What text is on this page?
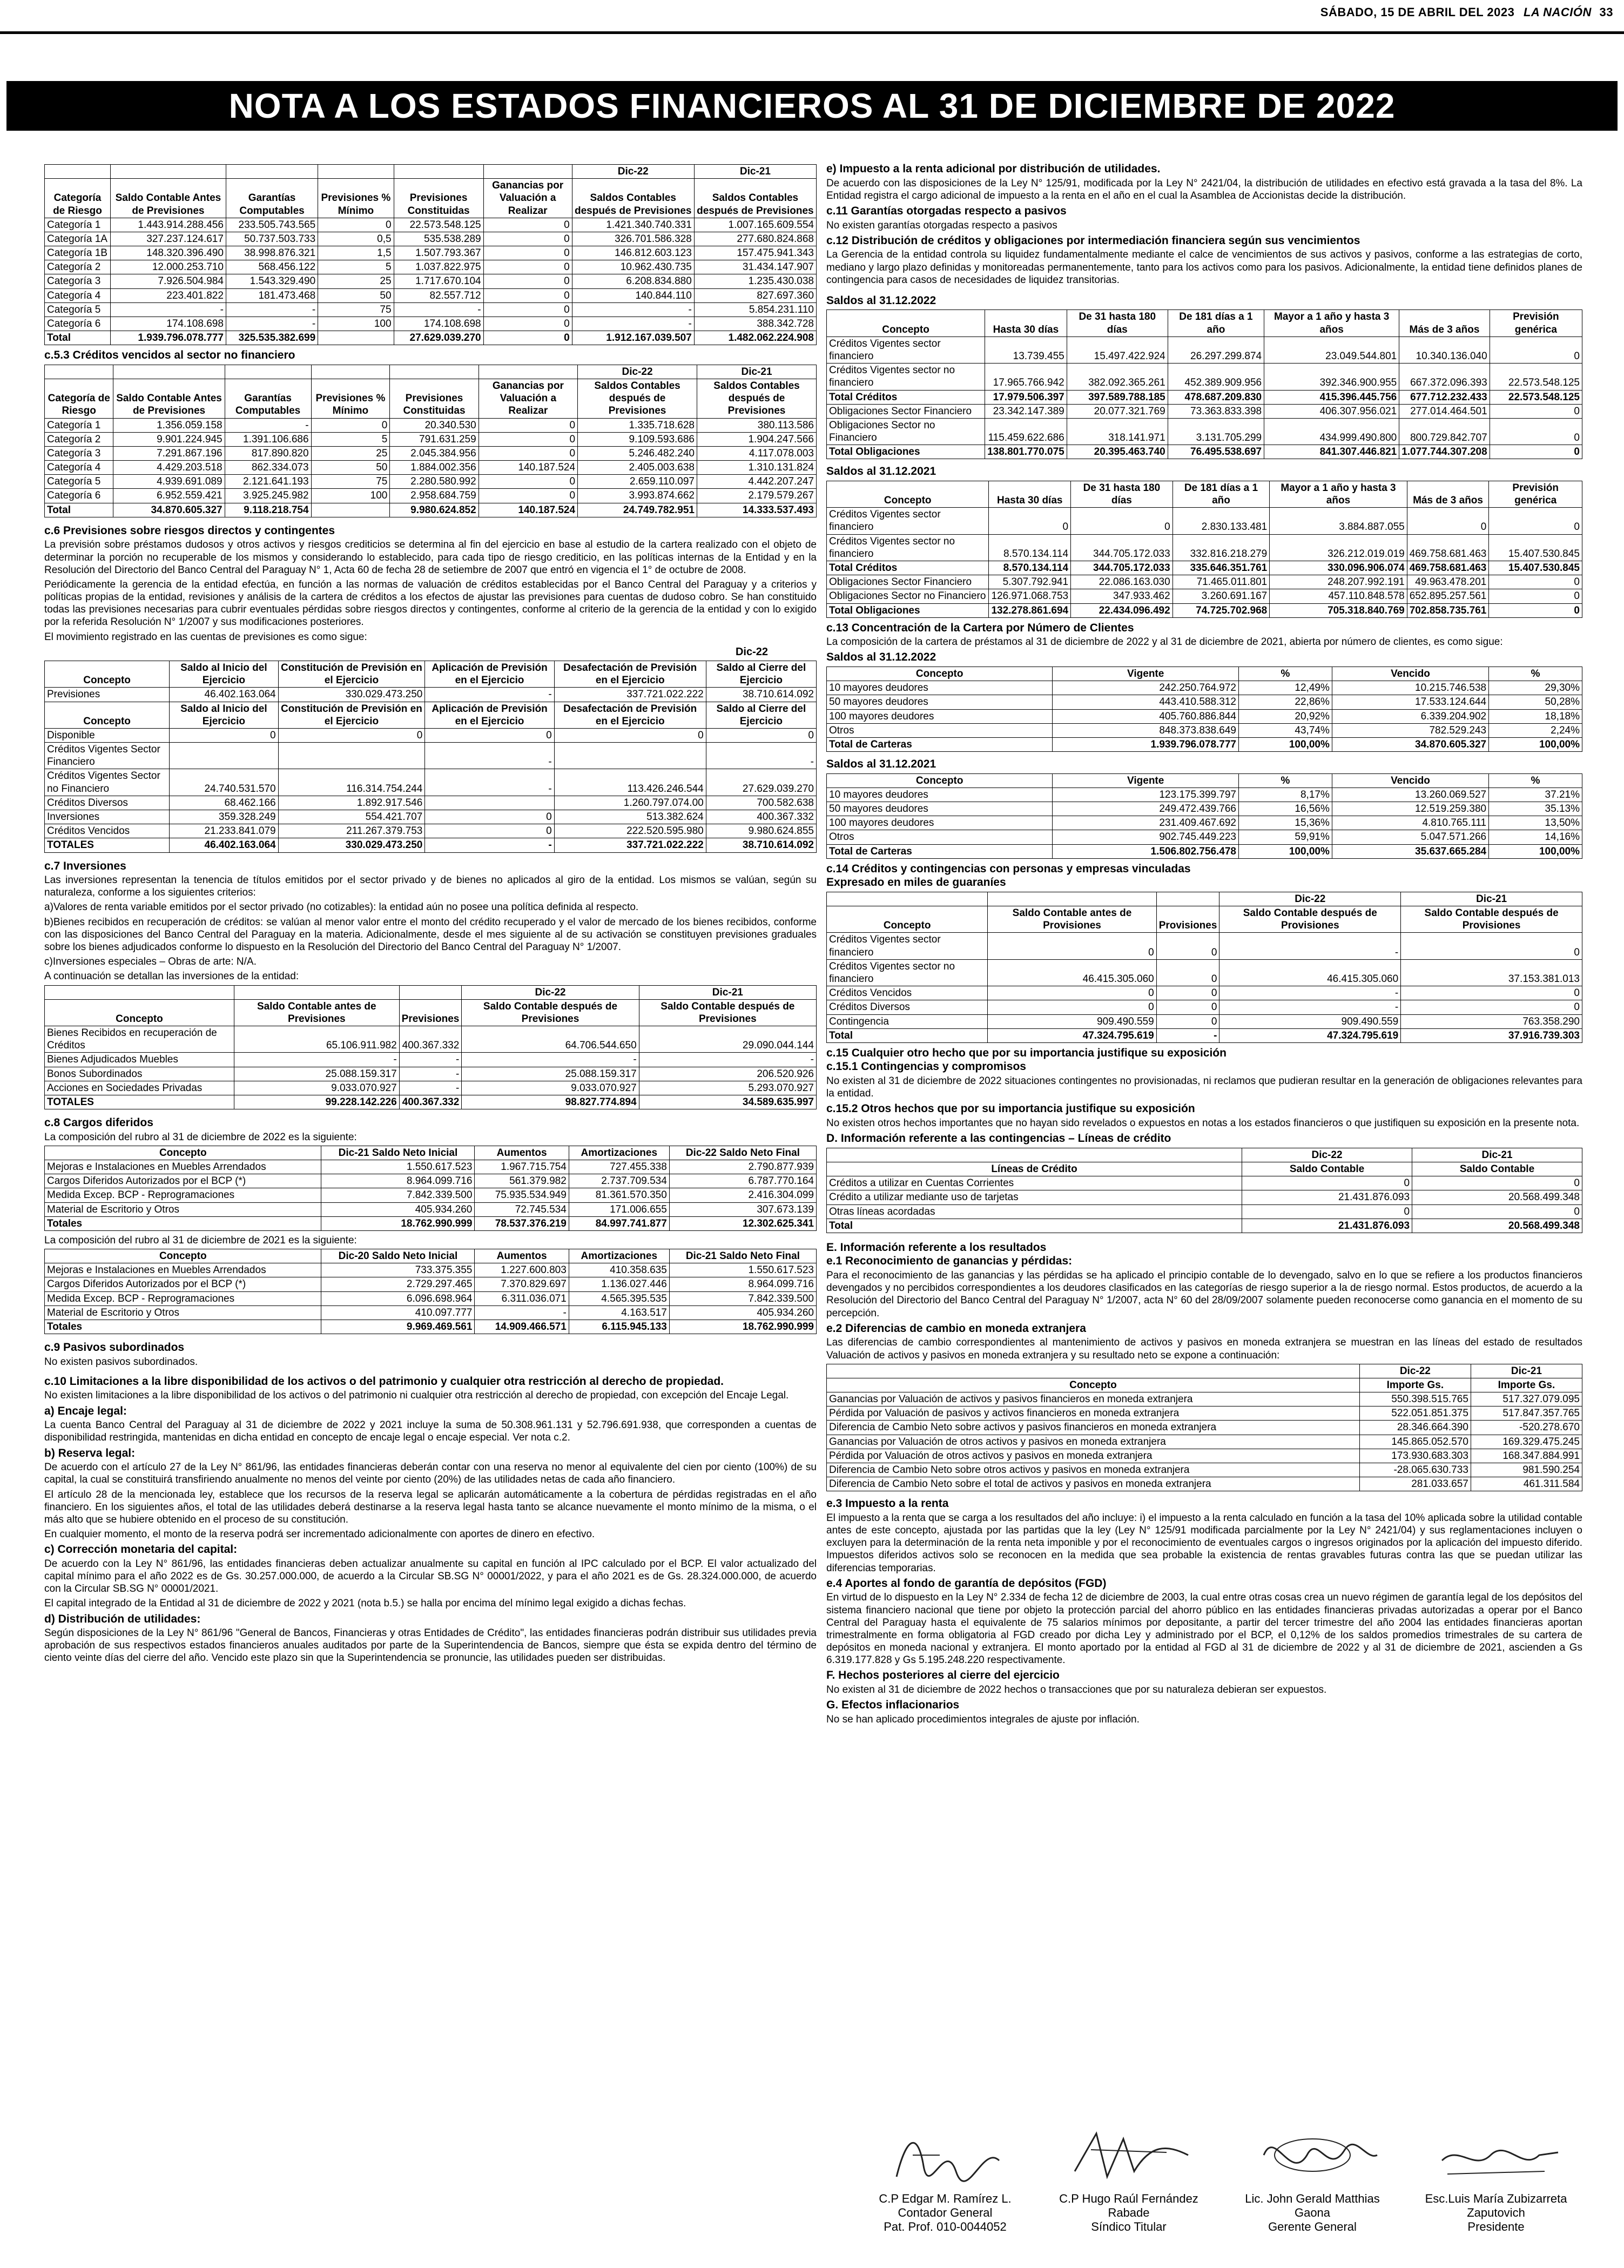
SÁBADO, 15 DE ABRIL DEL 2023 LA NACIÓN 33
NOTA A LOS ESTADOS FINANCIEROS AL 31 DE DICIEMBRE DE 2022
						Dic-22	Dic-21
Categoría de Riesgo	Saldo Contable Antes de Previsiones	Garantías Computables	Previsiones % Mínimo	Previsiones Constituidas	Ganancias por Valuación a Realizar	Saldos Contables después de Previsiones	Saldos Contables después de Previsiones
Categoría 1	1.443.914.288.456	233.505.743.565	0	22.573.548.125	0	1.421.340.740.331	1.007.165.609.554
Categoría 1A	327.237.124.617	50.737.503.733	0,5	535.538.289	0	326.701.586.328	277.680.824.868
Categoría 1B	148.320.396.490	38.998.876.321	1,5	1.507.793.367	0	146.812.603.123	157.475.941.343
Categoría 2	12.000.253.710	568.456.122	5	1.037.822.975	0	10.962.430.735	31.434.147.907
Categoría 3	7.926.504.984	1.543.329.490	25	1.717.670.104	0	6.208.834.880	1.235.430.038
Categoría 4	223.401.822	181.473.468	50	82.557.712	0	140.844.110	827.697.360
Categoría 5	-	-	75	-	0	-	5.854.231.110
Categoría 6	174.108.698	-	100	174.108.698	0	-	388.342.728
Total	1.939.796.078.777	325.535.382.699		27.629.039.270	0	1.912.167.039.507	1.482.062.224.908
c.5.3 Créditos vencidos al sector no financiero
						Dic-22	Dic-21
Categoría de Riesgo	Saldo Contable Antes de Previsiones	Garantías Computables	Previsiones % Mínimo	Previsiones Constituidas	Ganancias por Valuación a Realizar	Saldos Contables después de Previsiones	Saldos Contables después de Previsiones
Categoría 1	1.356.059.158	-	0	20.340.530	0	1.335.718.628	380.113.586
Categoría 2	9.901.224.945	1.391.106.686	5	791.631.259	0	9.109.593.686	1.904.247.566
Categoría 3	7.291.867.196	817.890.820	25	2.045.384.956	0	5.246.482.240	4.117.078.003
Categoría 4	4.429.203.518	862.334.073	50	1.884.002.356	140.187.524	2.405.003.638	1.310.131.824
Categoría 5	4.939.691.089	2.121.641.193	75	2.280.580.992	0	2.659.110.097	4.442.207.247
Categoría 6	6.952.559.421	3.925.245.982	100	2.958.684.759	0	3.993.874.662	2.179.579.267
Total	34.870.605.327	9.118.218.754		9.980.624.852	140.187.524	24.749.782.951	14.333.537.493
c.6 Previsiones sobre riesgos directos y contingentes

La previsión sobre préstamos dudosos y otros activos y riesgos crediticios se determina al fin del ejercicio en base al estudio de la cartera realizado con el objeto de determinar la porción no recuperable de los mismos y considerando lo establecido, para cada tipo de riesgo crediticio, en las políticas internas de la Entidad y en la Resolución del Directorio del Banco Central del Paraguay N° 1, Acta 60 de fecha 28 de setiembre de 2007 que entró en vigencia el 1° de octubre de 2008.

Periódicamente la gerencia de la entidad efectúa, en función a las normas de valuación de créditos establecidas por el Banco Central del Paraguay y a criterios y políticas propias de la entidad, revisiones y análisis de la cartera de créditos a los efectos de ajustar las previsiones para cuentas de dudoso cobro. Se han constituido todas las previsiones necesarias para cubrir eventuales pérdidas sobre riesgos directos y contingentes, conforme al criterio de la gerencia de la entidad y con lo exigido por la referida Resolución N° 1/2007 y sus modificaciones posteriores.

El movimiento registrado en las cuentas de previsiones es como sigue:

Dic-22
Concepto	Saldo al Inicio del Ejercicio	Constitución de Previsión en el Ejercicio	Aplicación de Previsión en el Ejercicio	Desafectación de Previsión en el Ejercicio	Saldo al Cierre del Ejercicio
Previsiones	46.402.163.064	330.029.473.250	-	337.721.022.222	38.710.614.092
Concepto	Saldo al Inicio del Ejercicio	Constitución de Previsión en el Ejercicio	Aplicación de Previsión en el Ejercicio	Desafectación de Previsión en el Ejercicio	Saldo al Cierre del Ejercicio
Disponible	0	0	0	0	0
Créditos Vigentes Sector Financiero			-		-
Créditos Vigentes Sector no Financiero	24.740.531.570	116.314.754.244	-	113.426.246.544	27.629.039.270
Créditos Diversos	68.462.166	1.892.917.546		1.260.797.074.00	700.582.638
Inversiones	359.328.249	554.421.707	0	513.382.624	400.367.332
Créditos Vencidos	21.233.841.079	211.267.379.753	0	222.520.595.980	9.980.624.855
TOTALES	46.402.163.064	330.029.473.250	-	337.721.022.222	38.710.614.092
c.7 Inversiones

Las inversiones representan la tenencia de títulos emitidos por el sector privado y de bienes no aplicados al giro de la entidad. Los mismos se valúan, según su naturaleza, conforme a los siguientes criterios:

a)Valores de renta variable emitidos por el sector privado (no cotizables): la entidad aún no posee una política definida al respecto.

b)Bienes recibidos en recuperación de créditos: se valúan al menor valor entre el monto del crédito recuperado y el valor de mercado de los bienes recibidos, conforme con las disposiciones del Banco Central del Paraguay en la materia. Adicionalmente, desde el mes siguiente al de su activación se constituyen previsiones graduales sobre los bienes adjudicados conforme lo dispuesto en la Resolución del Directorio del Banco Central del Paraguay N° 1/2007.

c)Inversiones especiales – Obras de arte: N/A.

A continuación se detallan las inversiones de la entidad:

			Dic-22	Dic-21
Concepto	Saldo Contable antes de Previsiones	Previsiones	Saldo Contable después de Previsiones	Saldo Contable después de Previsiones
Bienes Recibidos en recuperación de Créditos	65.106.911.982	400.367.332	64.706.544.650	29.090.044.144
Bienes Adjudicados Muebles	-	-	-	-
Bonos Subordinados	25.088.159.317	-	25.088.159.317	206.520.926
Acciones en Sociedades Privadas	9.033.070.927	-	9.033.070.927	5.293.070.927
TOTALES	99.228.142.226	400.367.332	98.827.774.894	34.589.635.997
c.8 Cargos diferidos

La composición del rubro al 31 de diciembre de 2022 es la siguiente:

Concepto	Dic-21 Saldo Neto Inicial	Aumentos	Amortizaciones	Dic-22 Saldo Neto Final
Mejoras e Instalaciones en Muebles Arrendados	1.550.617.523	1.967.715.754	727.455.338	2.790.877.939
Cargos Diferidos Autorizados por el BCP (*)	8.964.099.716	561.379.982	2.737.709.534	6.787.770.164
Medida Excep. BCP - Reprogramaciones	7.842.339.500	75.935.534.949	81.361.570.350	2.416.304.099
Material de Escritorio y Otros	405.934.260	72.745.534	171.006.655	307.673.139
Totales	18.762.990.999	78.537.376.219	84.997.741.877	12.302.625.341

La composición del rubro al 31 de diciembre de 2021 es la siguiente:

Concepto	Dic-20 Saldo Neto Inicial	Aumentos	Amortizaciones	Dic-21 Saldo Neto Final
Mejoras e Instalaciones en Muebles Arrendados	733.375.355	1.227.600.803	410.358.635	1.550.617.523
Cargos Diferidos Autorizados por el BCP (*)	2.729.297.465	7.370.829.697	1.136.027.446	8.964.099.716
Medida Excep. BCP - Reprogramaciones	6.096.698.964	6.311.036.071	4.565.395.535	7.842.339.500
Material de Escritorio y Otros	410.097.777	-	4.163.517	405.934.260
Totales	9.969.469.561	14.909.466.571	6.115.945.133	18.762.990.999
c.9 Pasivos subordinados

No existen pasivos subordinados.

c.10 Limitaciones a la libre disponibilidad de los activos o del patrimonio y cualquier otra restricción al derecho de propiedad.

No existen limitaciones a la libre disponibilidad de los activos o del patrimonio ni cualquier otra restricción al derecho de propiedad, con excepción del Encaje Legal.

a) Encaje legal:

La cuenta Banco Central del Paraguay al 31 de diciembre de 2022 y 2021 incluye la suma de 50.308.961.131 y 52.796.691.938, que corresponden a cuentas de disponibilidad restringida, mantenidas en dicha entidad en concepto de encaje legal o encaje especial. Ver nota c.2.

b) Reserva legal:

De acuerdo con el artículo 27 de la Ley N° 861/96, las entidades financieras deberán contar con una reserva no menor al equivalente del cien por ciento (100%) de su capital, la cual se constituirá transfiriendo anualmente no menos del veinte por ciento (20%) de las utilidades netas de cada año financiero.

El artículo 28 de la mencionada ley, establece que los recursos de la reserva legal se aplicarán automáticamente a la cobertura de pérdidas registradas en el año financiero. En los siguientes años, el total de las utilidades deberá destinarse a la reserva legal hasta tanto se alcance nuevamente el monto mínimo de la misma, o el más alto que se hubiere obtenido en el proceso de su constitución.

En cualquier momento, el monto de la reserva podrá ser incrementado adicionalmente con aportes de dinero en efectivo.

c) Corrección monetaria del capital:

De acuerdo con la Ley N° 861/96, las entidades financieras deben actualizar anualmente su capital en función al IPC calculado por el BCP. El valor actualizado del capital mínimo para el año 2022 es de Gs. 30.257.000.000, de acuerdo a la Circular SB.SG N° 00001/2022, y para el año 2021 es de Gs. 28.324.000.000, de acuerdo con la Circular SB.SG N° 00001/2021.

El capital integrado de la Entidad al 31 de diciembre de 2022 y 2021 (nota b.5.) se halla por encima del mínimo legal exigido a dichas fechas.

d) Distribución de utilidades:

Según disposiciones de la Ley N° 861/96 "General de Bancos, Financieras y otras Entidades de Crédito", las entidades financieras podrán distribuir sus utilidades previa aprobación de sus respectivos estados financieros anuales auditados por parte de la Superintendencia de Bancos, siempre que ésta se expida dentro del término de ciento veinte días del cierre del año. Vencido este plazo sin que la Superintendencia se pronuncie, las utilidades pueden ser distribuidas.

e) Impuesto a la renta adicional por distribución de utilidades.

De acuerdo con las disposiciones de la Ley N° 125/91, modificada por la Ley N° 2421/04, la distribución de utilidades en efectivo está gravada a la tasa del 8%. La Entidad registra el cargo adicional de impuesto a la renta en el año en el cual la Asamblea de Accionistas decide la distribución.

c.11 Garantías otorgadas respecto a pasivos

No existen garantías otorgadas respecto a pasivos

c.12 Distribución de créditos y obligaciones por intermediación financiera según sus vencimientos

La Gerencia de la entidad controla su liquidez fundamentalmente mediante el calce de vencimientos de sus activos y pasivos, conforme a las estrategias de corto, mediano y largo plazo definidas y monitoreadas permanentemente, tanto para los activos como para los pasivos. Adicionalmente, la entidad tiene definidos planes de contingencia para casos de necesidades de liquidez transitorias.

Saldos al 31.12.2022
Concepto	Hasta 30 días	De 31 hasta 180 días	De 181 días a 1 año	Mayor a 1 año y hasta 3 años	Más de 3 años	Previsión genérica
Créditos Vigentes sector financiero	13.739.455	15.497.422.924	26.297.299.874	23.049.544.801	10.340.136.040	0
Créditos Vigentes sector no financiero	17.965.766.942	382.092.365.261	452.389.909.956	392.346.900.955	667.372.096.393	22.573.548.125
Total Créditos	17.979.506.397	397.589.788.185	478.687.209.830	415.396.445.756	677.712.232.433	22.573.548.125
Obligaciones Sector Financiero	23.342.147.389	20.077.321.769	73.363.833.398	406.307.956.021	277.014.464.501	0
Obligaciones Sector no Financiero	115.459.622.686	318.141.971	3.131.705.299	434.999.490.800	800.729.842.707	0
Total Obligaciones	138.801.770.075	20.395.463.740	76.495.538.697	841.307.446.821	1.077.744.307.208	0
Saldos al 31.12.2021
Concepto	Hasta 30 días	De 31 hasta 180 días	De 181 días a 1 año	Mayor a 1 año y hasta 3 años	Más de 3 años	Previsión genérica
Créditos Vigentes sector financiero	0	0	2.830.133.481	3.884.887.055	0	0
Créditos Vigentes sector no financiero	8.570.134.114	344.705.172.033	332.816.218.279	326.212.019.019	469.758.681.463	15.407.530.845
Total Créditos	8.570.134.114	344.705.172.033	335.646.351.761	330.096.906.074	469.758.681.463	15.407.530.845
Obligaciones Sector Financiero	5.307.792.941	22.086.163.030	71.465.011.801	248.207.992.191	49.963.478.201	0
Obligaciones Sector no Financiero	126.971.068.753	347.933.462	3.260.691.167	457.110.848.578	652.895.257.561	0
Total Obligaciones	132.278.861.694	22.434.096.492	74.725.702.968	705.318.840.769	702.858.735.761	0
c.13 Concentración de la Cartera por Número de Clientes

La composición de la cartera de préstamos al 31 de diciembre de 2022 y al 31 de diciembre de 2021, abierta por número de clientes, es como sigue:

Saldos al 31.12.2022
Concepto	Vigente	%	Vencido	%
10 mayores deudores	242.250.764.972	12,49%	10.215.746.538	29,30%
50 mayores deudores	443.410.588.312	22,86%	17.533.124.644	50,28%
100 mayores deudores	405.760.886.844	20,92%	6.339.204.902	18,18%
Otros	848.373.838.649	43,74%	782.529.243	2,24%
Total de Carteras	1.939.796.078.777	100,00%	34.870.605.327	100,00%
Saldos al 31.12.2021
Concepto	Vigente	%	Vencido	%
10 mayores deudores	123.175.399.797	8,17%	13.260.069.527	37.21%
50 mayores deudores	249.472.439.766	16,56%	12.519.259.380	35.13%
100 mayores deudores	231.409.467.692	15,36%	4.810.765.111	13,50%
Otros	902.745.449.223	59,91%	5.047.571.266	14,16%
Total de Carteras	1.506.802.756.478	100,00%	35.637.665.284	100,00%
c.14 Créditos y contingencias con personas y empresas vinculadas
Expresado en miles de guaraníes
			Dic-22	Dic-21
Concepto	Saldo Contable antes de Provisiones	Provisiones	Saldo Contable después de Provisiones	Saldo Contable después de Provisiones
Créditos Vigentes sector financiero	0	0	-	0
Créditos Vigentes sector no financiero	46.415.305.060	0	46.415.305.060	37.153.381.013
Créditos Vencidos	0	0	-	0
Créditos Diversos	0	0	-	0
Contingencia	909.490.559	0	909.490.559	763.358.290
Total	47.324.795.619	-	47.324.795.619	37.916.739.303
c.15 Cualquier otro hecho que por su importancia justifique su exposición
c.15.1 Contingencias y compromisos

No existen al 31 de diciembre de 2022 situaciones contingentes no provisionadas, ni reclamos que pudieran resultar en la generación de obligaciones relevantes para la entidad.

c.15.2 Otros hechos que por su importancia justifique su exposición

No existen otros hechos importantes que no hayan sido revelados o expuestos en notas a los estados financieros o que justifiquen su exposición en la presente nota.

D. Información referente a las contingencias – Líneas de crédito
	Dic-22	Dic-21
Líneas de Crédito	Saldo Contable	Saldo Contable
Créditos a utilizar en Cuentas Corrientes	0	0
Crédito a utilizar mediante uso de tarjetas	21.431.876.093	20.568.499.348
Otras líneas acordadas	0	0
Total	21.431.876.093	20.568.499.348
E. Información referente a los resultados
e.1 Reconocimiento de ganancias y pérdidas:

Para el reconocimiento de las ganancias y las pérdidas se ha aplicado el principio contable de lo devengado, salvo en lo que se refiere a los productos financieros devengados y no percibidos correspondientes a los deudores clasificados en las categorías de riesgo superior a la de riesgo normal. Estos productos, de acuerdo a la Resolución del Directorio del Banco Central del Paraguay N° 1/2007, acta N° 60 del 28/09/2007 solamente pueden reconocerse como ganancia en el momento de su percepción.

e.2 Diferencias de cambio en moneda extranjera

Las diferencias de cambio correspondientes al mantenimiento de activos y pasivos en moneda extranjera se muestran en las líneas del estado de resultados Valuación de activos y pasivos en moneda extranjera y su resultado neto se expone a continuación:

	Dic-22	Dic-21
Concepto	Importe Gs.	Importe Gs.
Ganancias por Valuación de activos y pasivos financieros en moneda extranjera	550.398.515.765	517.327.079.095
Pérdida por Valuación de pasivos y activos financieros en moneda extranjera	522.051.851.375	517.847.357.765
Diferencia de Cambio Neto sobre activos y pasivos financieros en moneda extranjera	28.346.664.390	-520.278.670
Ganancias por Valuación de otros activos y pasivos en moneda extranjera	145.865.052.570	169.329.475.245
Pérdida por Valuación de otros activos y pasivos en moneda extranjera	173.930.683.303	168.347.884.991
Diferencia de Cambio Neto sobre otros activos y pasivos en moneda extranjera	-28.065.630.733	981.590.254
Diferencia de Cambio Neto sobre el total de activos y pasivos en moneda extranjera	281.033.657	461.311.584
e.3 Impuesto a la renta

El impuesto a la renta que se carga a los resultados del año incluye: i) el impuesto a la renta calculado en función a la tasa del 10% aplicada sobre la utilidad contable antes de este concepto, ajustada por las partidas que la ley (Ley N° 125/91 modificada parcialmente por la Ley N° 2421/04) y sus reglamentaciones incluyen o excluyen para la determinación de la renta neta imponible y por el reconocimiento de eventuales cargos o ingresos originados por la aplicación del impuesto diferido. Impuestos diferidos activos solo se reconocen en la medida que sea probable la existencia de rentas gravables futuras contra las que se puedan utilizar las diferencias temporarias.

e.4 Aportes al fondo de garantía de depósitos (FGD)

En virtud de lo dispuesto en la Ley N° 2.334 de fecha 12 de diciembre de 2003, la cual entre otras cosas crea un nuevo régimen de garantía legal de los depósitos del sistema financiero nacional que tiene por objeto la protección parcial del ahorro público en las entidades financieras privadas autorizadas a operar por el Banco Central del Paraguay hasta el equivalente de 75 salarios mínimos por depositante, a partir del tercer trimestre del año 2004 las entidades financieras aportan trimestralmente en forma obligatoria al FGD creado por dicha Ley y administrado por el BCP, el 0,12% de los saldos promedios trimestrales de su cartera de depósitos en moneda nacional y extranjera. El monto aportado por la entidad al FGD al 31 de diciembre de 2022 y al 31 de diciembre de 2021, ascienden a Gs 6.319.177.828 y Gs 5.195.248.220 respectivamente.

F. Hechos posteriores al cierre del ejercicio

No existen al 31 de diciembre de 2022 hechos o transacciones que por su naturaleza debieran ser expuestos.

G. Efectos inflacionarios

No se han aplicado procedimientos integrales de ajuste por inflación.

C.P Edgar M. Ramírez L.
Contador General
Pat. Prof. 010-0044052
C.P Hugo Raúl Fernández Rabade
Síndico Titular
Lic. John Gerald Matthias Gaona
Gerente General
Esc.Luis María Zubizarreta Zaputovich
Presidente
